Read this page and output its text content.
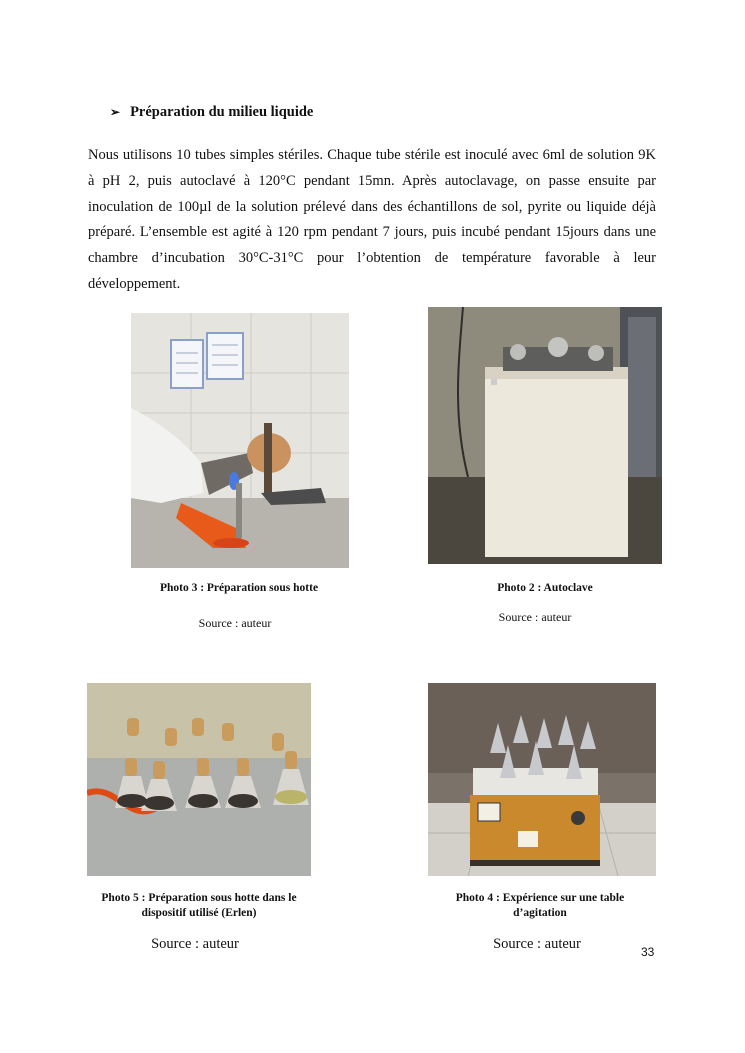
➢ Préparation du milieu liquide

Nous utilisons 10 tubes simples stériles. Chaque tube stérile est inoculé avec 6ml de solution 9K à pH 2, puis autoclavé à 120°C pendant 15mn. Après autoclavage, on passe ensuite par inoculation de 100µl de la solution prélevé dans des échantillons de sol, pyrite ou liquide déjà préparé. L’ensemble est agité à 120 rpm pendant 7 jours, puis incubé pendant 15jours dans une chambre d’incubation 30°C-31°C pour l’obtention de température favorable à leur développement.

Photo 3 : Préparation sous hotte
Source : auteur
Photo 2 : Autoclave
Source : auteur
Photo 5 : Préparation sous hotte dans le
dispositif utilisé (Erlen)
Source : auteur
Photo 4 : Expérience sur une table
d’agitation
Source : auteur	33
